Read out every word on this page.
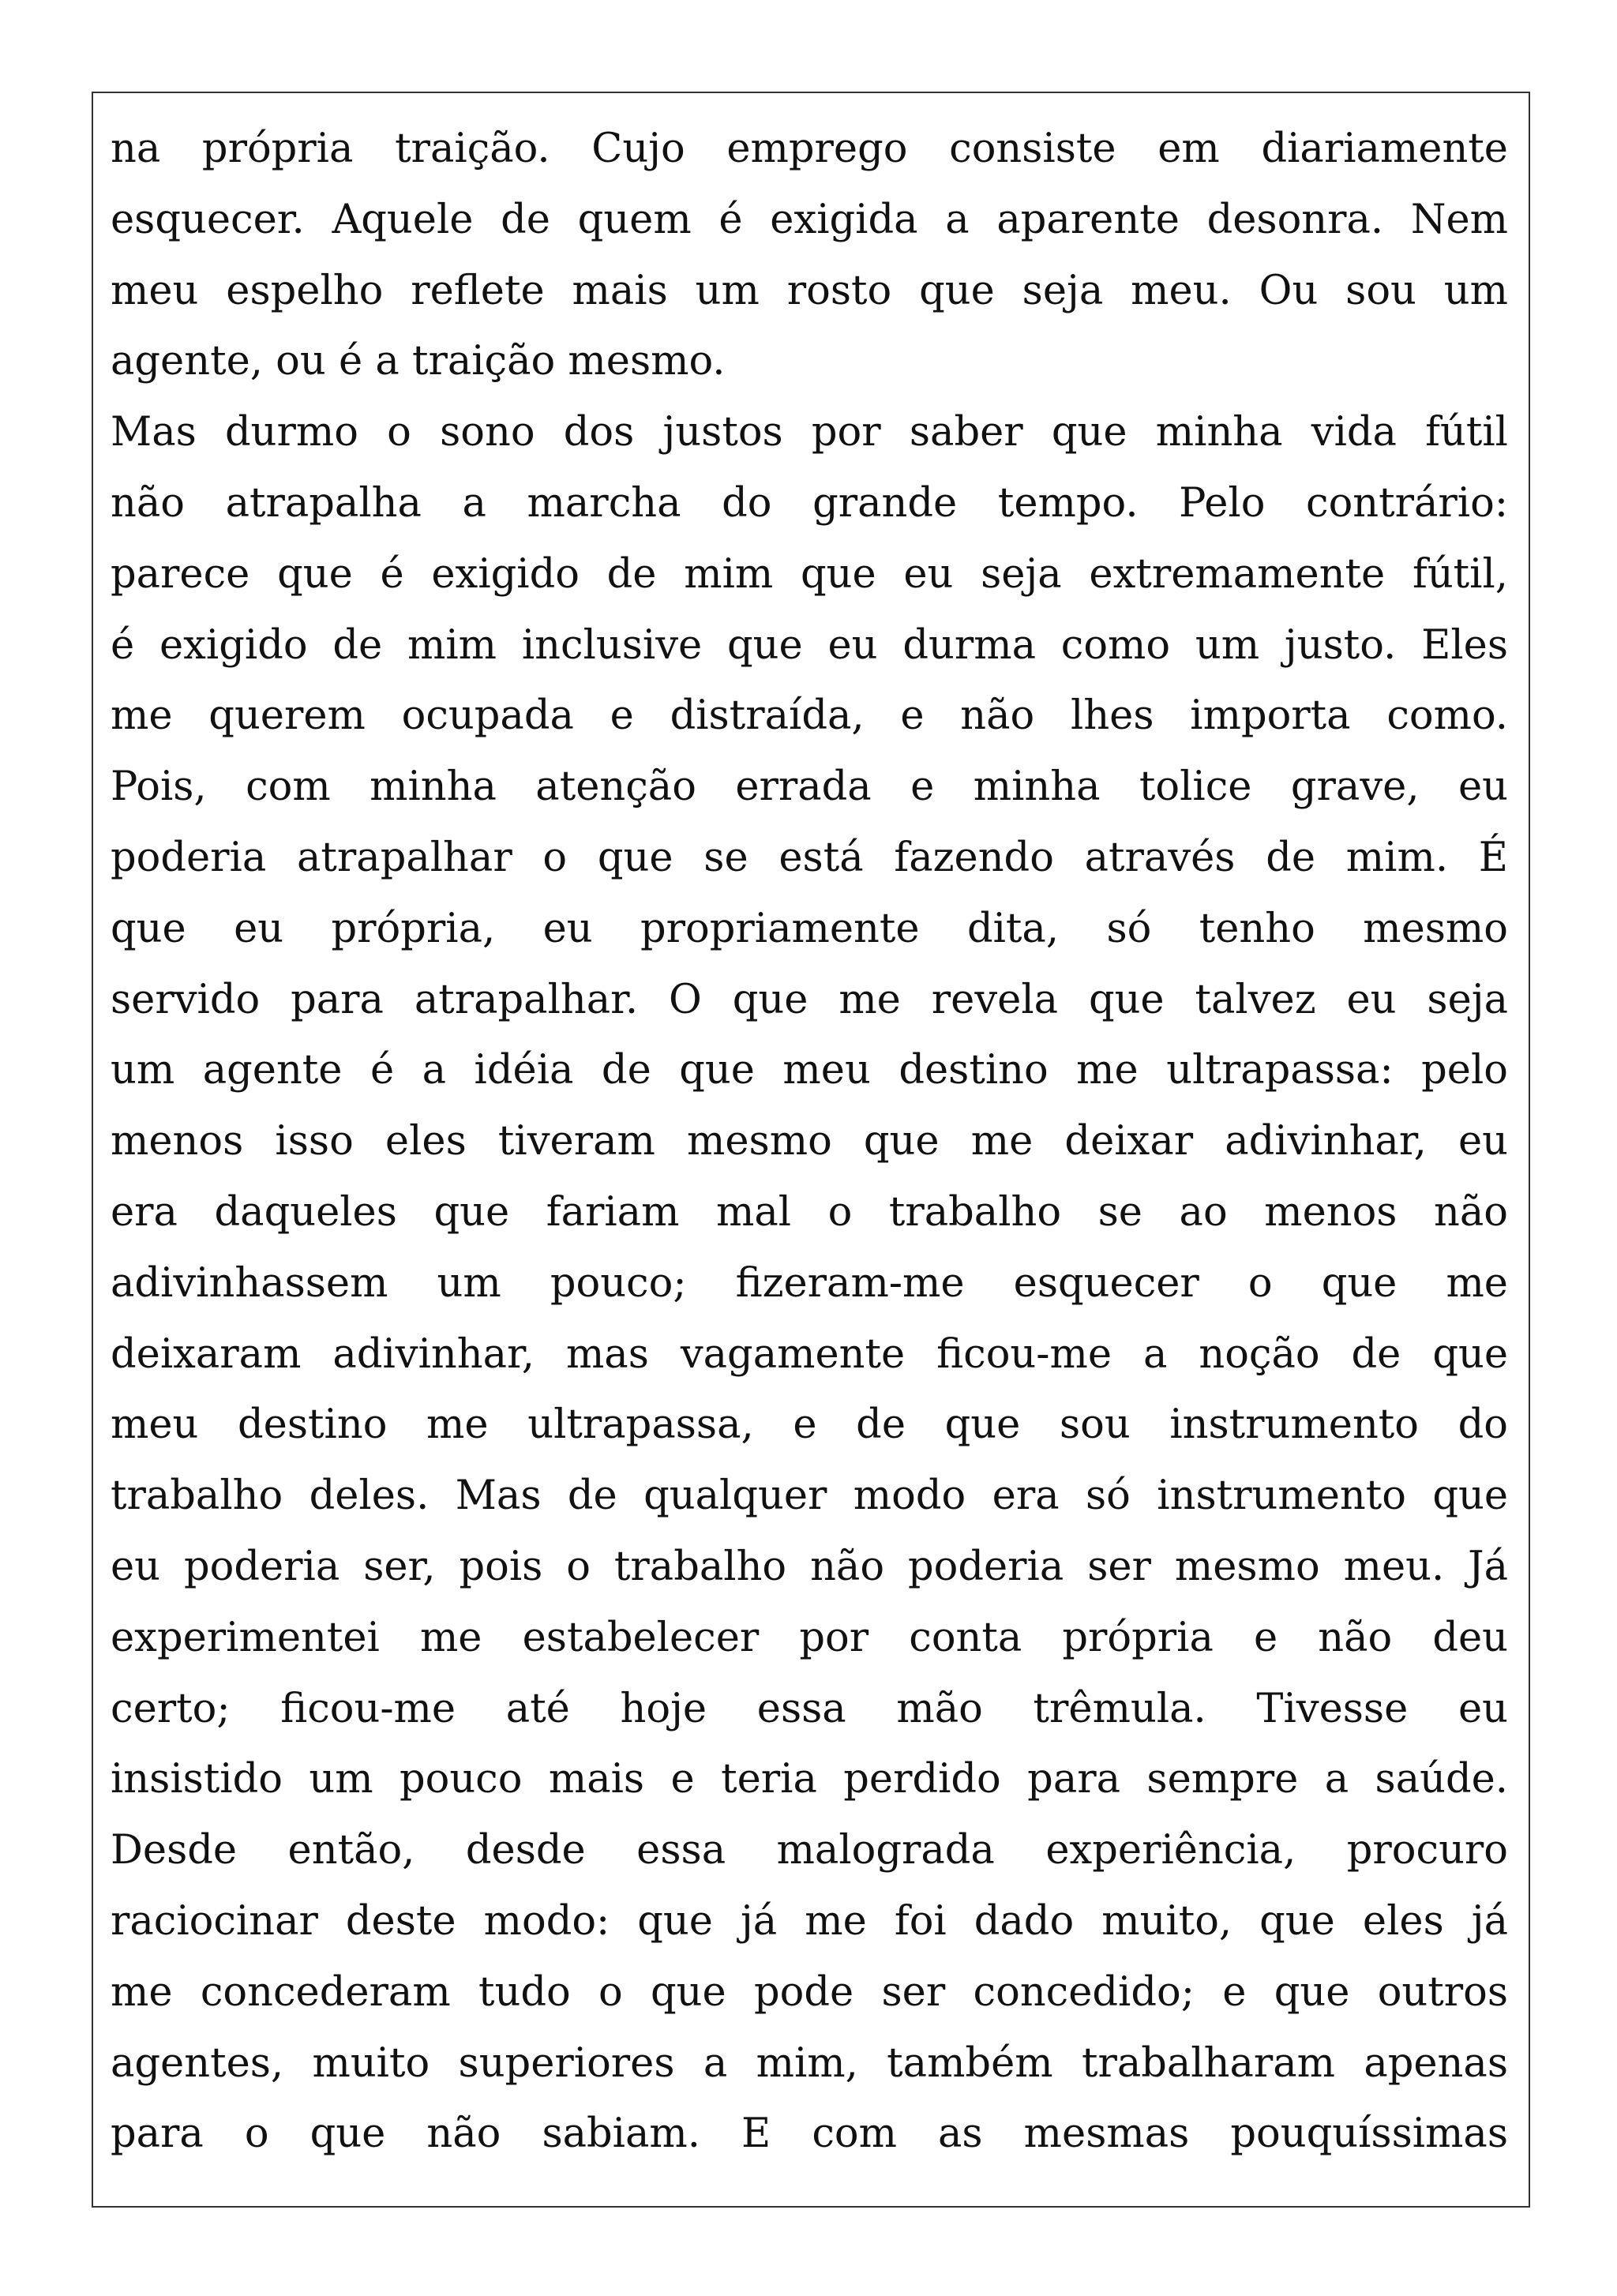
na própria traição. Cujo emprego consiste em diariamente
esquecer. Aquele de quem é exigida a aparente desonra. Nem
meu espelho reflete mais um rosto que seja meu. Ou sou um
agente, ou é a traição mesmo.
Mas durmo o sono dos justos por saber que minha vida fútil
não atrapalha a marcha do grande tempo. Pelo contrário:
parece que é exigido de mim que eu seja extremamente fútil,
é exigido de mim inclusive que eu durma como um justo. Eles
me querem ocupada e distraída, e não lhes importa como.
Pois, com minha atenção errada e minha tolice grave, eu
poderia atrapalhar o que se está fazendo através de mim. É
que eu própria, eu propriamente dita, só tenho mesmo
servido para atrapalhar. O que me revela que talvez eu seja
um agente é a idéia de que meu destino me ultrapassa: pelo
menos isso eles tiveram mesmo que me deixar adivinhar, eu
era daqueles que fariam mal o trabalho se ao menos não
adivinhassem um pouco; fizeram-me esquecer o que me
deixaram adivinhar, mas vagamente ficou-me a noção de que
meu destino me ultrapassa, e de que sou instrumento do
trabalho deles. Mas de qualquer modo era só instrumento que
eu poderia ser, pois o trabalho não poderia ser mesmo meu. Já
experimentei me estabelecer por conta própria e não deu
certo; ficou-me até hoje essa mão trêmula. Tivesse eu
insistido um pouco mais e teria perdido para sempre a saúde.
Desde então, desde essa malograda experiência, procuro
raciocinar deste modo: que já me foi dado muito, que eles já
me concederam tudo o que pode ser concedido; e que outros
agentes, muito superiores a mim, também trabalharam apenas
para o que não sabiam. E com as mesmas pouquíssimas
